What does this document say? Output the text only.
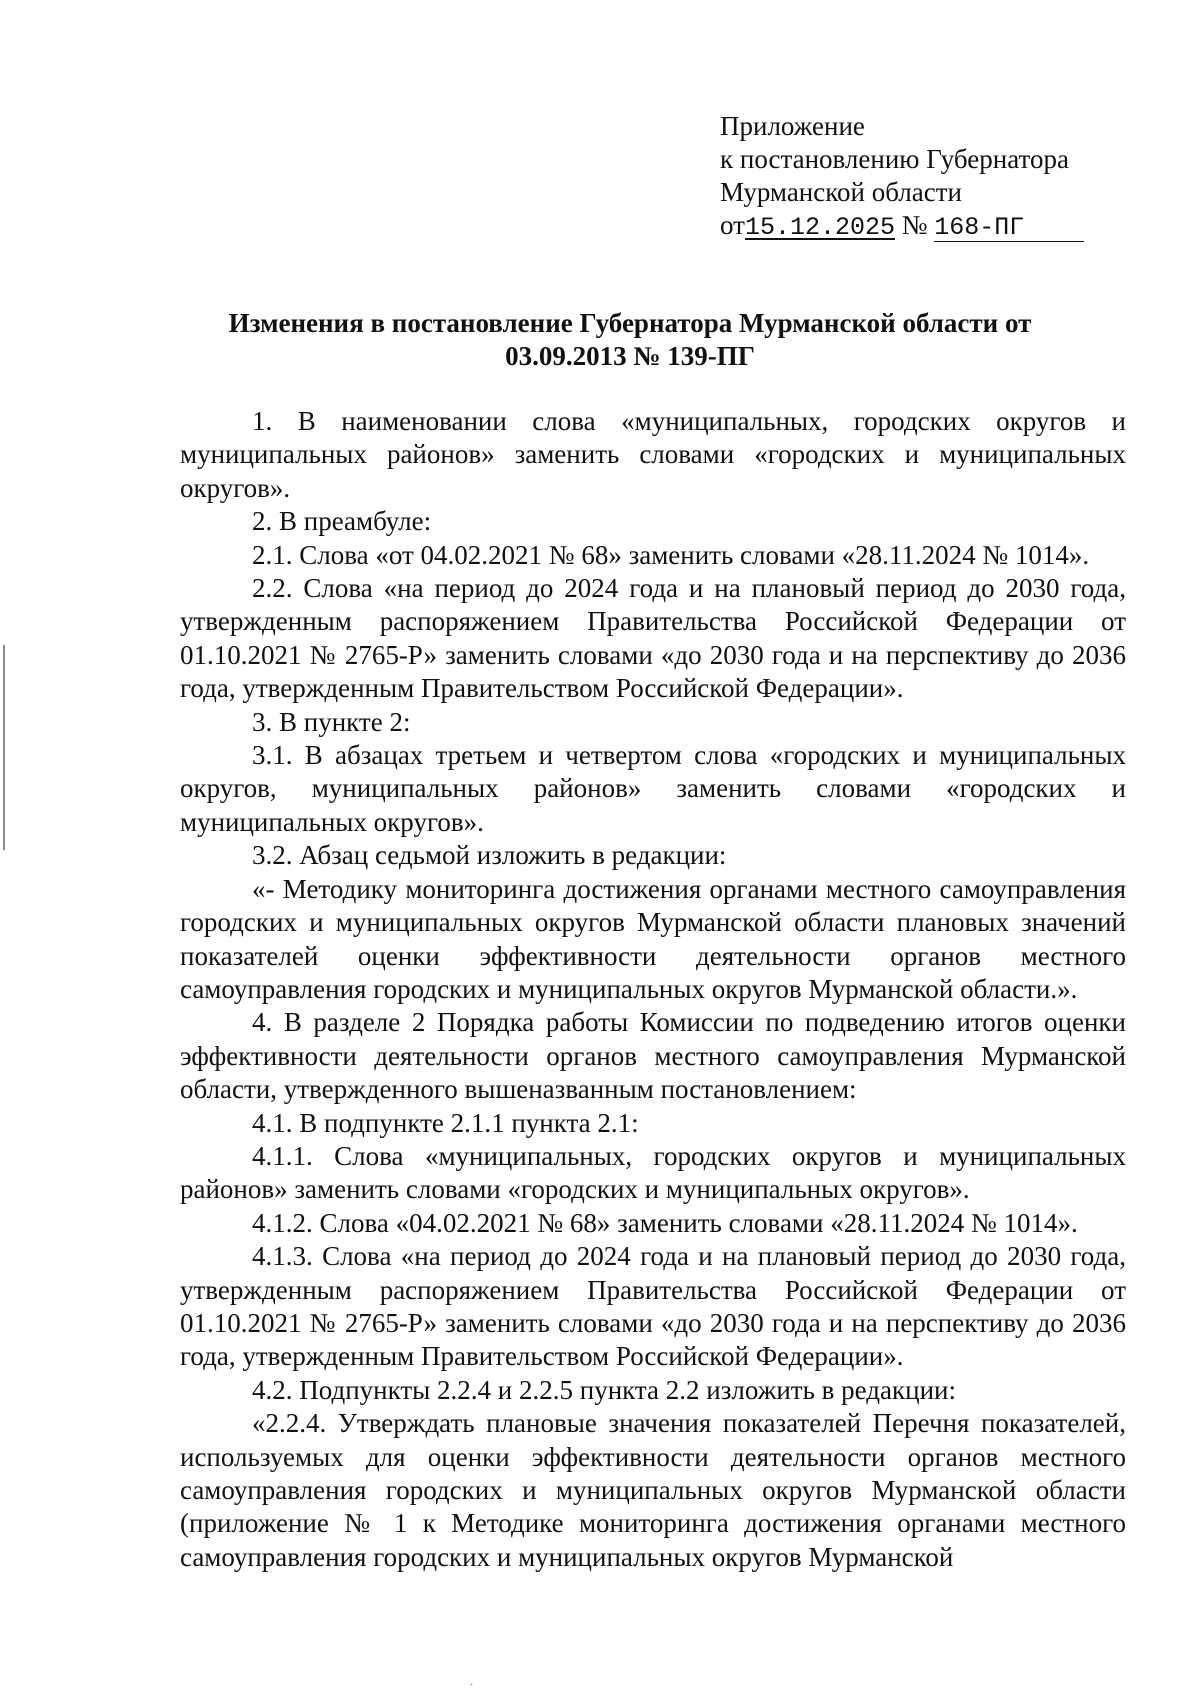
Приложение
к постановлению Губернатора
Мурманской области
от15.12.2025 № 168-ПГ
Изменения в постановление Губернатора Мурманской области от
03.09.2013 № 139-ПГ

1. В наименовании слова «муниципальных, городских округов и муниципальных районов» заменить словами «городских и муниципальных округов».

2. В преамбуле:

2.1. Слова «от 04.02.2021 № 68» заменить словами «28.11.2024 № 1014».

2.2. Слова «на период до 2024 года и на плановый период до 2030 года, утвержденным распоряжением Правительства Российской Федерации от 01.10.2021 № 2765-Р» заменить словами «до 2030 года и на перспективу до 2036 года, утвержденным Правительством Российской Федерации».

3. В пункте 2:

3.1. В абзацах третьем и четвертом слова «городских и муниципальных округов, муниципальных районов» заменить словами «городских и муниципальных округов».

3.2. Абзац седьмой изложить в редакции:

«- Методику мониторинга достижения органами местного самоуправления городских и муниципальных округов Мурманской области плановых значений показателей оценки эффективности деятельности органов местного самоуправления городских и муниципальных округов Мурманской области.».

4. В разделе 2 Порядка работы Комиссии по подведению итогов оценки эффективности деятельности органов местного самоуправления Мурманской области, утвержденного вышеназванным постановлением:

4.1. В подпункте 2.1.1 пункта 2.1:

4.1.1. Слова «муниципальных, городских округов и муниципальных районов» заменить словами «городских и муниципальных округов».

4.1.2. Слова «04.02.2021 № 68» заменить словами «28.11.2024 № 1014».

4.1.3. Слова «на период до 2024 года и на плановый период до 2030 года, утвержденным распоряжением Правительства Российской Федерации от 01.10.2021 № 2765-Р» заменить словами «до 2030 года и на перспективу до 2036 года, утвержденным Правительством Российской Федерации».

4.2. Подпункты 2.2.4 и 2.2.5 пункта 2.2 изложить в редакции:

«2.2.4. Утверждать плановые значения показателей Перечня показателей, используемых для оценки эффективности деятельности органов местного самоуправления городских и муниципальных округов Мурманской области (приложение № 1 к Методике мониторинга достижения органами местного самоуправления городских и муниципальных округов Мурманской

·
